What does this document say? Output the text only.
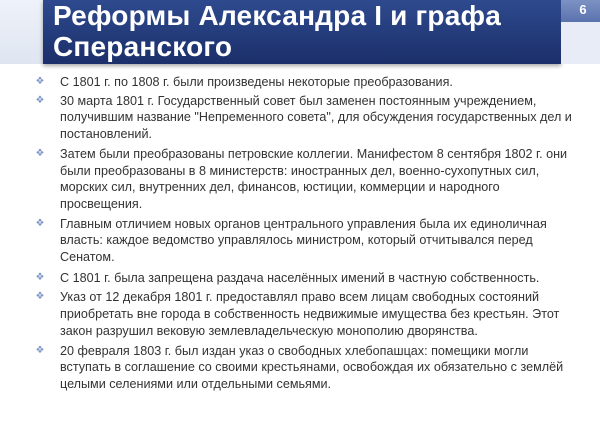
Реформы Александра I и графа Сперанского
6
❖ С 1801 г. по 1808 г. были произведены некоторые преобразования.
❖ 30 марта 1801 г. Государственный совет был заменен постоянным учреждением, получившим название "Непременного совета", для обсуждения государственных дел и постановлений.
❖ Затем были преобразованы петровские коллегии. Манифестом 8 сентября 1802 г. они были преобразованы в 8 министерств: иностранных дел, военно-сухопутных сил, морских сил, внутренних дел, финансов, юстиции, коммерции и народного просвещения.
❖ Главным отличием новых органов центрального управления была их единоличная власть: каждое ведомство управлялось министром, который отчитывался перед Сенатом.
❖ С 1801 г. была запрещена раздача населённых имений в частную собственность.
❖ Указ от 12 декабря 1801 г. предоставлял право всем лицам свободных состояний приобретать вне города в собственность недвижимые имущества без крестьян. Этот закон разрушил вековую землевладельческую монополию дворянства.
❖ 20 февраля 1803 г. был издан указ о свободных хлебопашцах: помещики могли вступать в соглашение со своими крестьянами, освобождая их обязательно с землёй целыми селениями или отдельными семьями.
